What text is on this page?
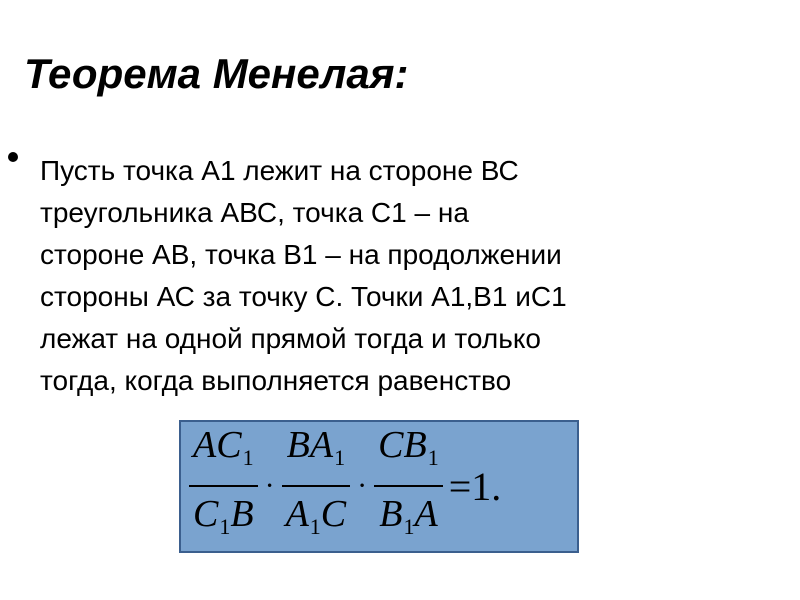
Теорема Менелая:

Пусть точка А1 лежит на стороне ВС
треугольника АВС, точка С1 – на
стороне АВ, точка В1 – на продолжении
стороны АС за точку С. Точки А1,В1 иС1
лежат на одной прямой тогда и только
тогда, когда выполняется равенство

$\frac{AC_1}{C_1B} \cdot \frac{BA_1}{A_1C} \cdot \frac{CB_1}{B_1A} =1$.
